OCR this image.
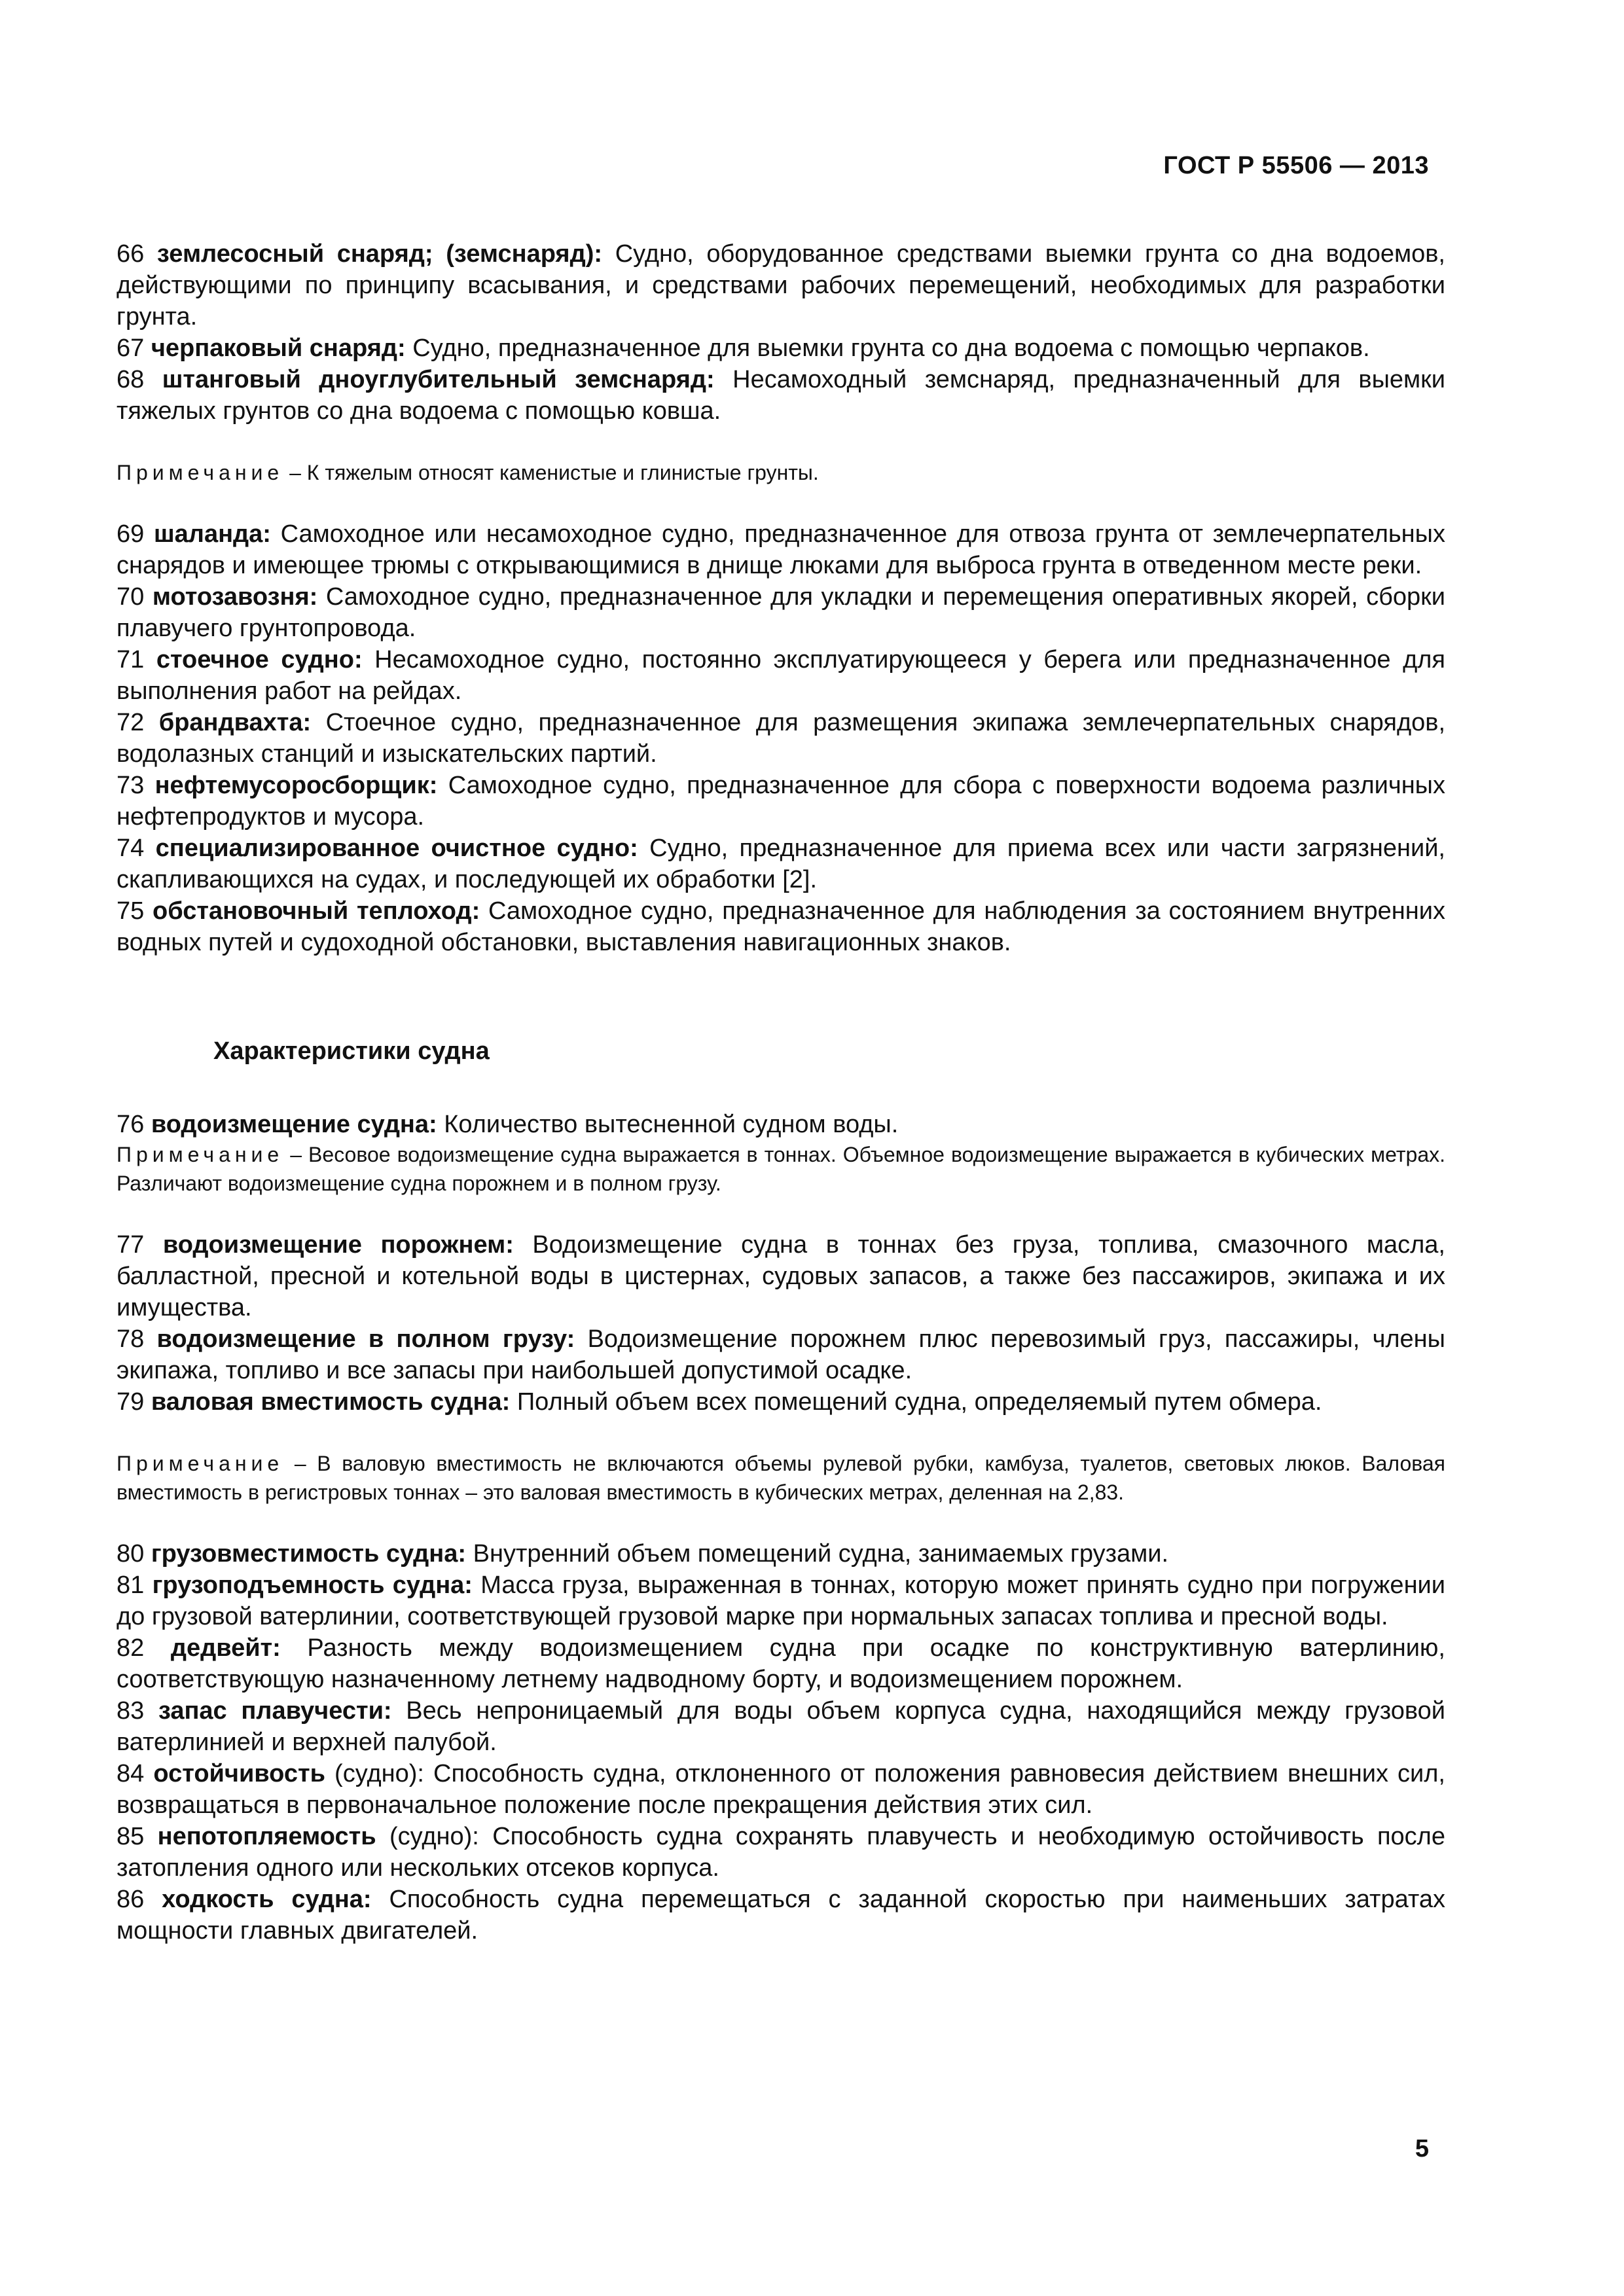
ГОСТ Р 55506 — 2013

66 землесосный снаряд; (земснаряд): Судно, оборудованное средствами выемки грунта со дна водоемов, действующими по принципу всасывания, и средствами рабочих перемещений, необходимых для разработки грунта.

67 черпаковый снаряд: Судно, предназначенное для выемки грунта со дна водоема с помощью черпаков.

68 штанговый дноуглубительный земснаряд: Несамоходный земснаряд, предназначенный для выемки тяжелых грунтов со дна водоема с помощью ковша.

Примечание – К тяжелым относят каменистые и глинистые грунты.

69 шаланда: Самоходное или несамоходное судно, предназначенное для отвоза грунта от землечерпательных снарядов и имеющее трюмы с открывающимися в днище люками для выброса грунта в отведенном месте реки.

70 мотозавозня: Самоходное судно, предназначенное для укладки и перемещения оперативных якорей, сборки плавучего грунтопровода.

71 стоечное судно: Несамоходное судно, постоянно эксплуатирующееся у берега или предназначенное для выполнения работ на рейдах.

72 брандвахта: Стоечное судно, предназначенное для размещения экипажа землечерпательных снарядов, водолазных станций и изыскательских партий.

73 нефтемусоросборщик: Самоходное судно, предназначенное для сбора с поверхности водоема различных нефтепродуктов и мусора.

74 специализированное очистное судно: Судно, предназначенное для приема всех или части загрязнений, скапливающихся на судах, и последующей их обработки [2].

75 обстановочный теплоход: Самоходное судно, предназначенное для наблюдения за состоянием внутренних водных путей и судоходной обстановки, выставления навигационных знаков.

Характеристики судна

76 водоизмещение судна: Количество вытесненной судном воды.

Примечание – Весовое водоизмещение судна выражается в тоннах. Объемное водоизмещение выражается в кубических метрах. Различают водоизмещение судна порожнем и в полном грузу.

77 водоизмещение порожнем: Водоизмещение судна в тоннах без груза, топлива, смазочного масла, балластной, пресной и котельной воды в цистернах, судовых запасов, а также без пассажиров, экипажа и их имущества.

78 водоизмещение в полном грузу: Водоизмещение порожнем плюс перевозимый груз, пассажиры, члены экипажа, топливо и все запасы при наибольшей допустимой осадке.

79 валовая вместимость судна: Полный объем всех помещений судна, определяемый путем обмера.

Примечание – В валовую вместимость не включаются объемы рулевой рубки, камбуза, туалетов, световых люков. Валовая вместимость в регистровых тоннах – это валовая вместимость в кубических метрах, деленная на 2,83.

80 грузовместимость судна: Внутренний объем помещений судна, занимаемых грузами.

81 грузоподъемность судна: Масса груза, выраженная в тоннах, которую может принять судно при погружении до грузовой ватерлинии, соответствующей грузовой марке при нормальных запасах топлива и пресной воды.

82 дедвейт: Разность между водоизмещением судна при осадке по конструктивную ватерлинию, соответствующую назначенному летнему надводному борту, и водоизмещением порожнем.

83 запас плавучести: Весь непроницаемый для воды объем корпуса судна, находящийся между грузовой ватерлинией и верхней палубой.

84 остойчивость (судно): Способность судна, отклоненного от положения равновесия действием внешних сил, возвращаться в первоначальное положение после прекращения действия этих сил.

85 непотопляемость (судно): Способность судна сохранять плавучесть и необходимую остойчивость после затопления одного или нескольких отсеков корпуса.

86 ходкость судна: Способность судна перемещаться с заданной скоростью при наименьших затратах мощности главных двигателей.

5
